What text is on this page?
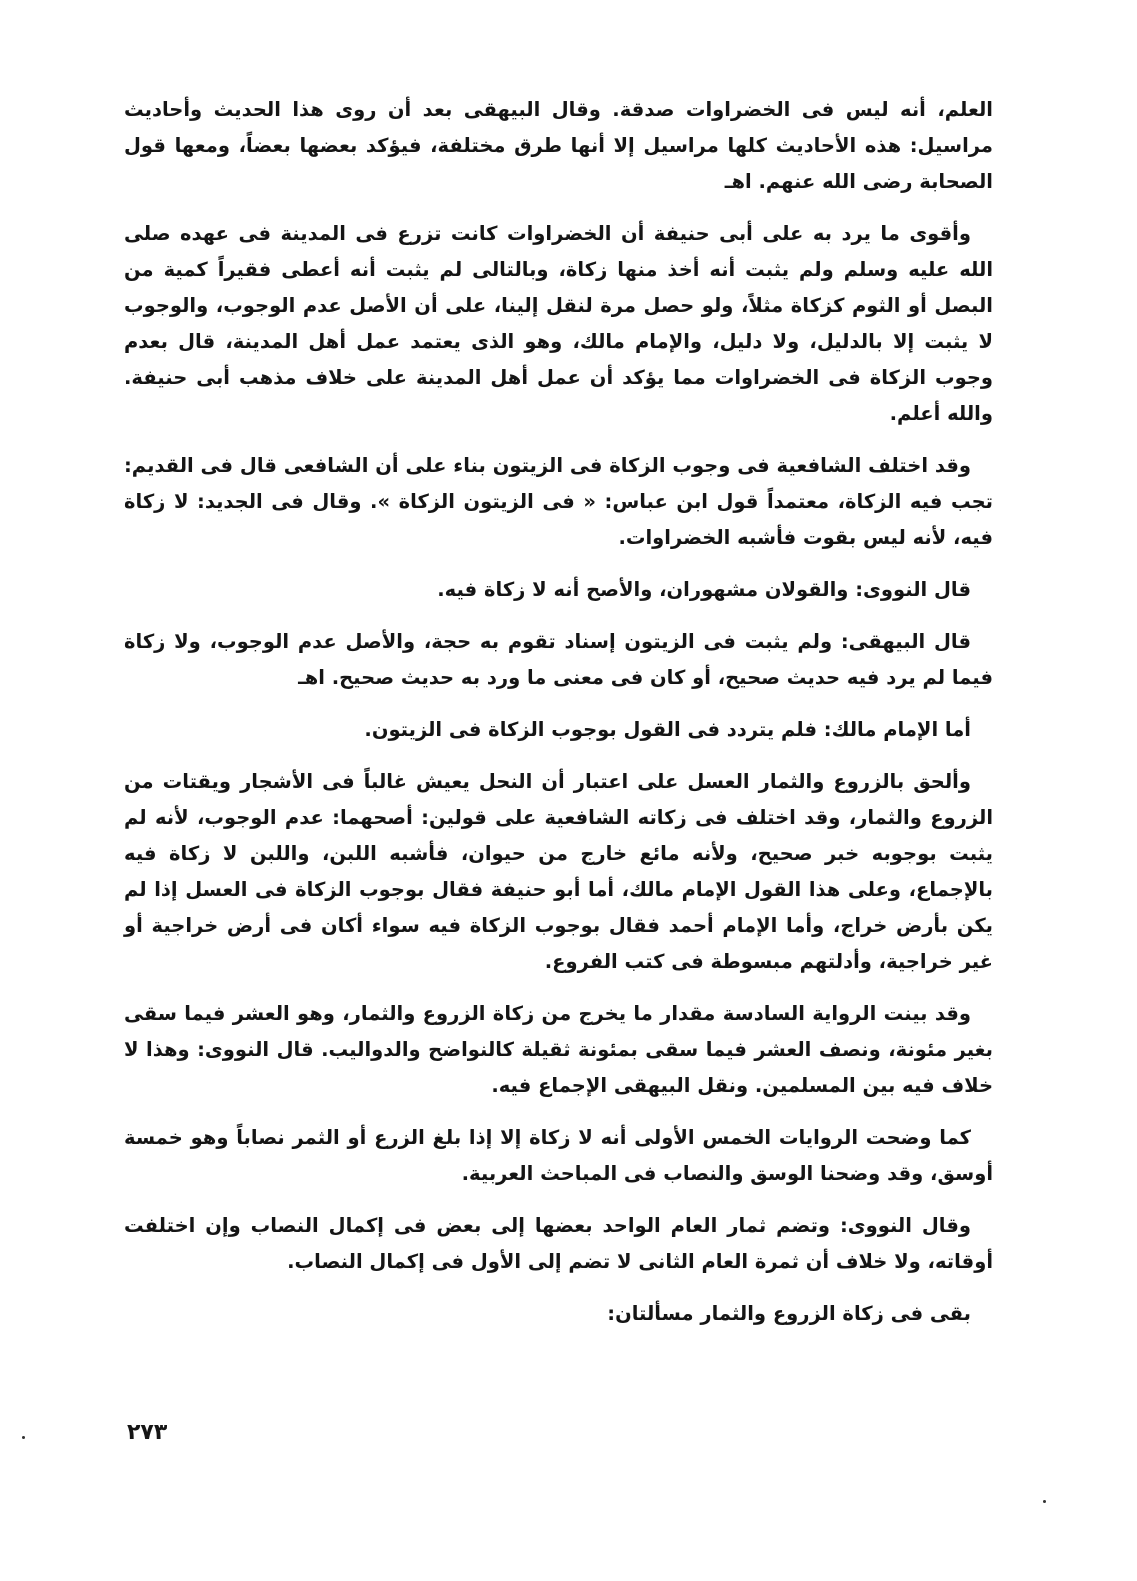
العلم، أنه ليس فى الخضراوات صدقة. وقال البيهقى بعد أن روى هذا الحديث وأحاديث مراسيل: هذه الأحاديث كلها مراسيل إلا أنها طرق مختلفة، فيؤكد بعضها بعضاً، ومعها قول الصحابة رضى الله عنهم. اهـ

وأقوى ما يرد به على أبى حنيفة أن الخضراوات كانت تزرع فى المدينة فى عهده صلى الله عليه وسلم ولم يثبت أنه أخذ منها زكاة، وبالتالى لم يثبت أنه أعطى فقيراً كمية من البصل أو الثوم كزكاة مثلاً، ولو حصل مرة لنقل إلينا، على أن الأصل عدم الوجوب، والوجوب لا يثبت إلا بالدليل، ولا دليل، والإمام مالك، وهو الذى يعتمد عمل أهل المدينة، قال بعدم وجوب الزكاة فى الخضراوات مما يؤكد أن عمل أهل المدينة على خلاف مذهب أبى حنيفة. والله أعلم.

وقد اختلف الشافعية فى وجوب الزكاة فى الزيتون بناء على أن الشافعى قال فى القديم: تجب فيه الزكاة، معتمداً قول ابن عباس: « فى الزيتون الزكاة ». وقال فى الجديد: لا زكاة فيه، لأنه ليس بقوت فأشبه الخضراوات.

قال النووى: والقولان مشهوران، والأصح أنه لا زكاة فيه.

قال البيهقى: ولم يثبت فى الزيتون إسناد تقوم به حجة، والأصل عدم الوجوب، ولا زكاة فيما لم يرد فيه حديث صحيح، أو كان فى معنى ما ورد به حديث صحيح. اهـ

أما الإمام مالك: فلم يتردد فى القول بوجوب الزكاة فى الزيتون.

وألحق بالزروع والثمار العسل على اعتبار أن النحل يعيش غالباً فى الأشجار ويقتات من الزروع والثمار، وقد اختلف فى زكاته الشافعية على قولين: أصحهما: عدم الوجوب، لأنه لم يثبت بوجوبه خبر صحيح، ولأنه مائع خارج من حيوان، فأشبه اللبن، واللبن لا زكاة فيه بالإجماع، وعلى هذا القول الإمام مالك، أما أبو حنيفة فقال بوجوب الزكاة فى العسل إذا لم يكن بأرض خراج، وأما الإمام أحمد فقال بوجوب الزكاة فيه سواء أكان فى أرض خراجية أو غير خراجية، وأدلتهم مبسوطة فى كتب الفروع.

وقد بينت الرواية السادسة مقدار ما يخرج من زكاة الزروع والثمار، وهو العشر فيما سقى بغير مئونة، ونصف العشر فيما سقى بمئونة ثقيلة كالنواضح والدواليب. قال النووى: وهذا لا خلاف فيه بين المسلمين. ونقل البيهقى الإجماع فيه.

كما وضحت الروايات الخمس الأولى أنه لا زكاة إلا إذا بلغ الزرع أو الثمر نصاباً وهو خمسة أوسق، وقد وضحنا الوسق والنصاب فى المباحث العربية.

وقال النووى: وتضم ثمار العام الواحد بعضها إلى بعض فى إكمال النصاب وإن اختلفت أوقاته، ولا خلاف أن ثمرة العام الثانى لا تضم إلى الأول فى إكمال النصاب.

بقى فى زكاة الزروع والثمار مسألتان:

٢٧٣
